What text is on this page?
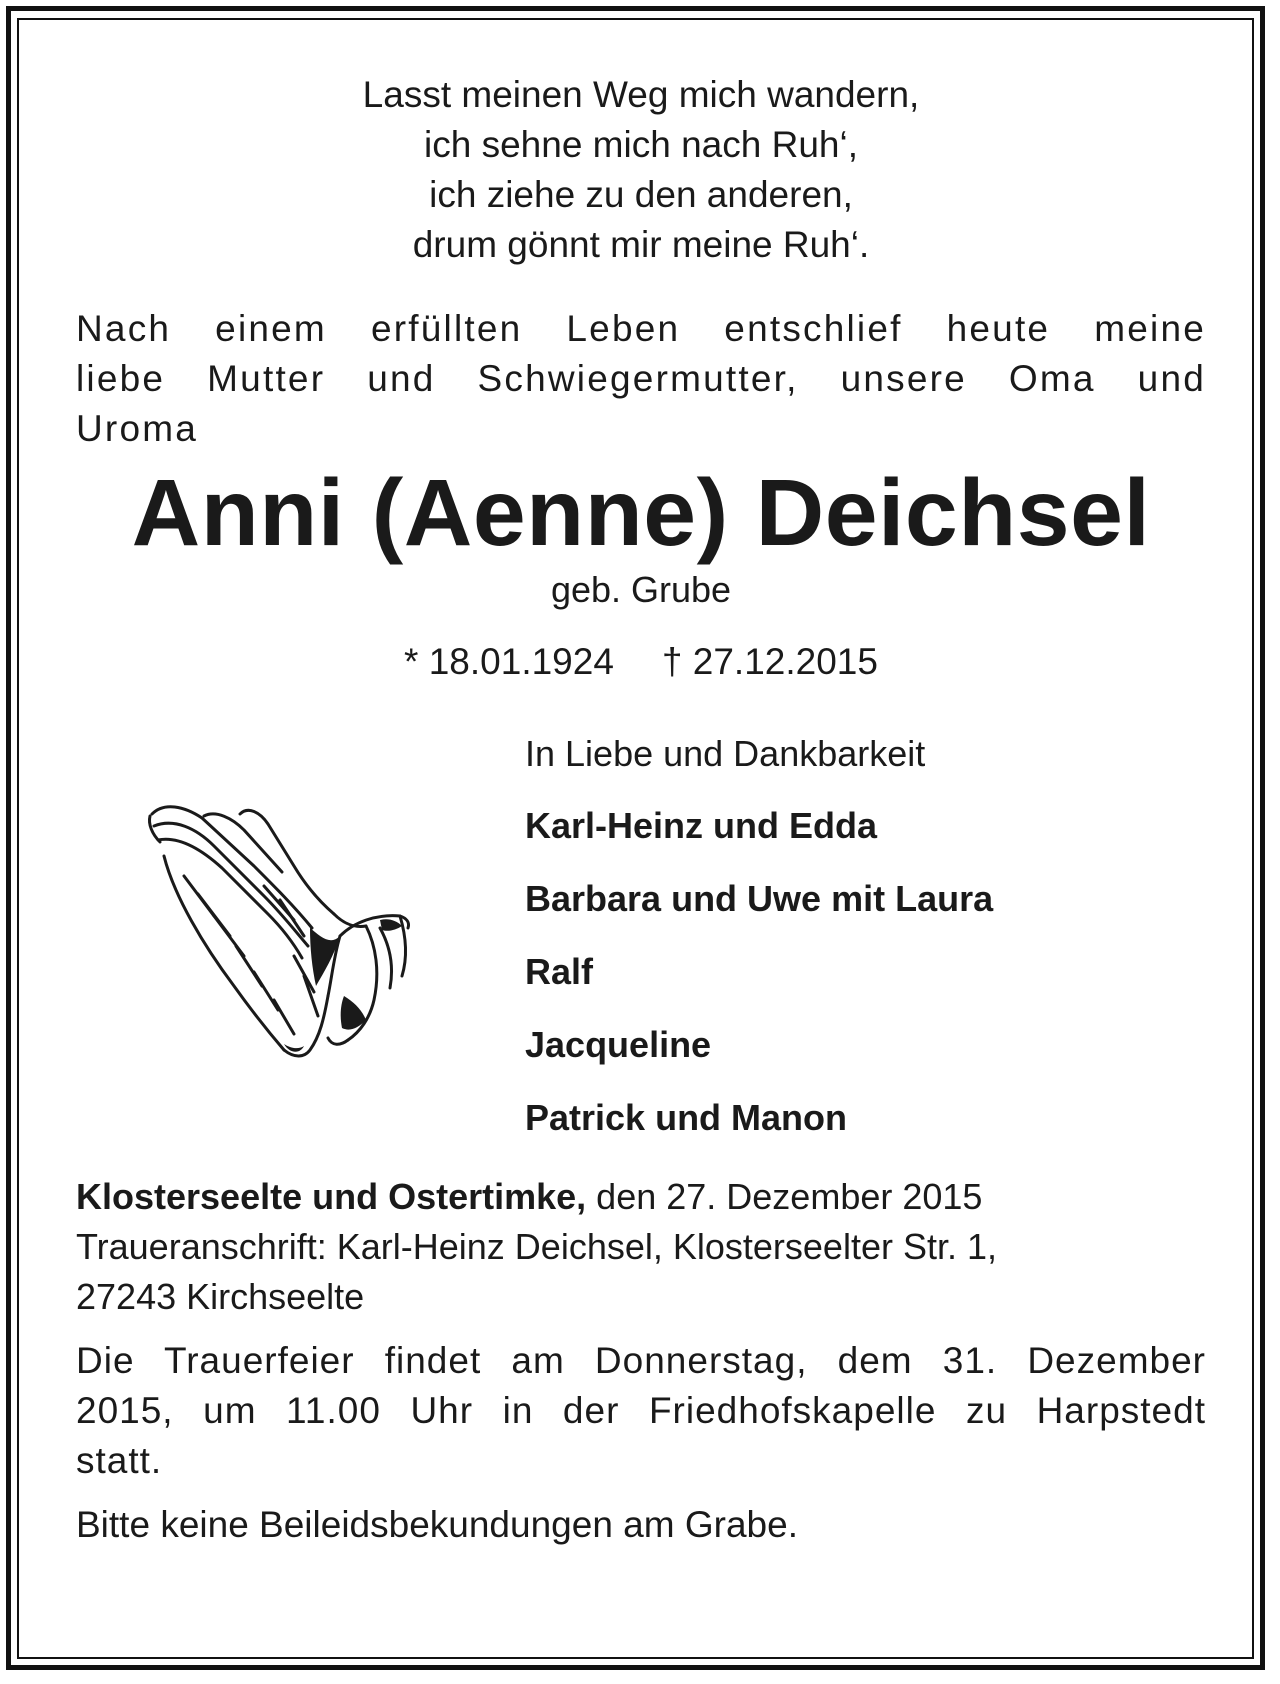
Lasst meinen Weg mich wandern,
ich sehne mich nach Ruh‘,
ich ziehe zu den anderen,
drum gönnt mir meine Ruh‘.
Nach einem erfüllten Leben entschlief heute meine
liebe Mutter und Schwiegermutter, unsere Oma und
Uroma
Anni (Aenne) Deichsel
geb. Grube
* 18.01.1924 † 27.12.2015
In Liebe und Dankbarkeit
Karl-Heinz und Edda
Barbara und Uwe mit Laura
Ralf
Jacqueline
Patrick und Manon
Klosterseelte und Ostertimke, den 27. Dezember 2015
Traueranschrift: Karl-Heinz Deichsel, Klosterseelter Str. 1,
27243 Kirchseelte
Die Trauerfeier findet am Donnerstag, dem 31. Dezember
2015, um 11.00 Uhr in der Friedhofskapelle zu Harpstedt
statt.
Bitte keine Beileidsbekundungen am Grabe.
